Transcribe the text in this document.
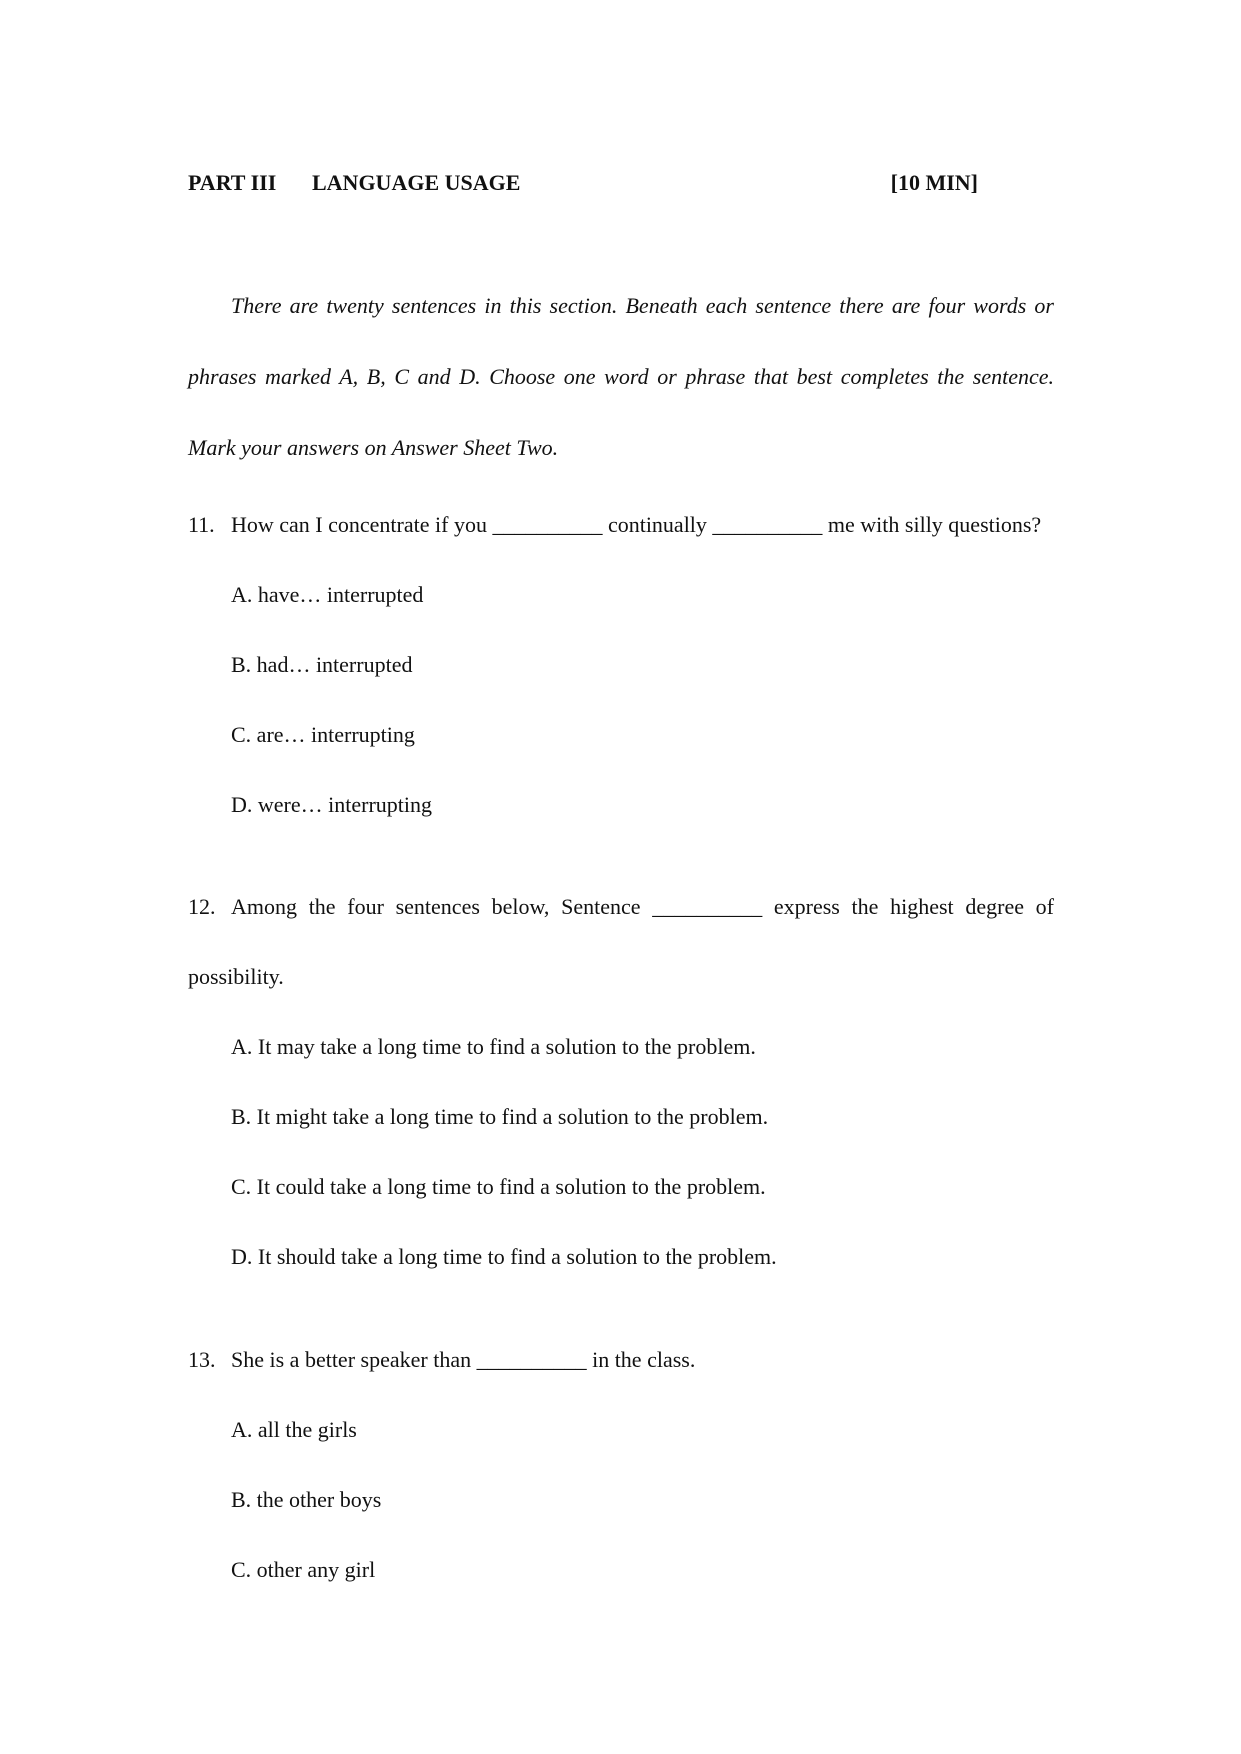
PART III LANGUAGE USAGE	[10 MIN]

There are twenty sentences in this section. Beneath each sentence there are four words or phrases marked A, B, C and D. Choose one word or phrase that best completes the sentence. Mark your answers on Answer Sheet Two.

11. How can I concentrate if you __________ continually __________ me with silly questions?

A. have… interrupted

B. had… interrupted

C. are… interrupting

D. were… interrupting

12. Among the four sentences below, Sentence __________ express the highest degree of

possibility.

A. It may take a long time to find a solution to the problem.

B. It might take a long time to find a solution to the problem.

C. It could take a long time to find a solution to the problem.

D. It should take a long time to find a solution to the problem.

13. She is a better speaker than __________ in the class.

A. all the girls

B. the other boys

C. other any girl
